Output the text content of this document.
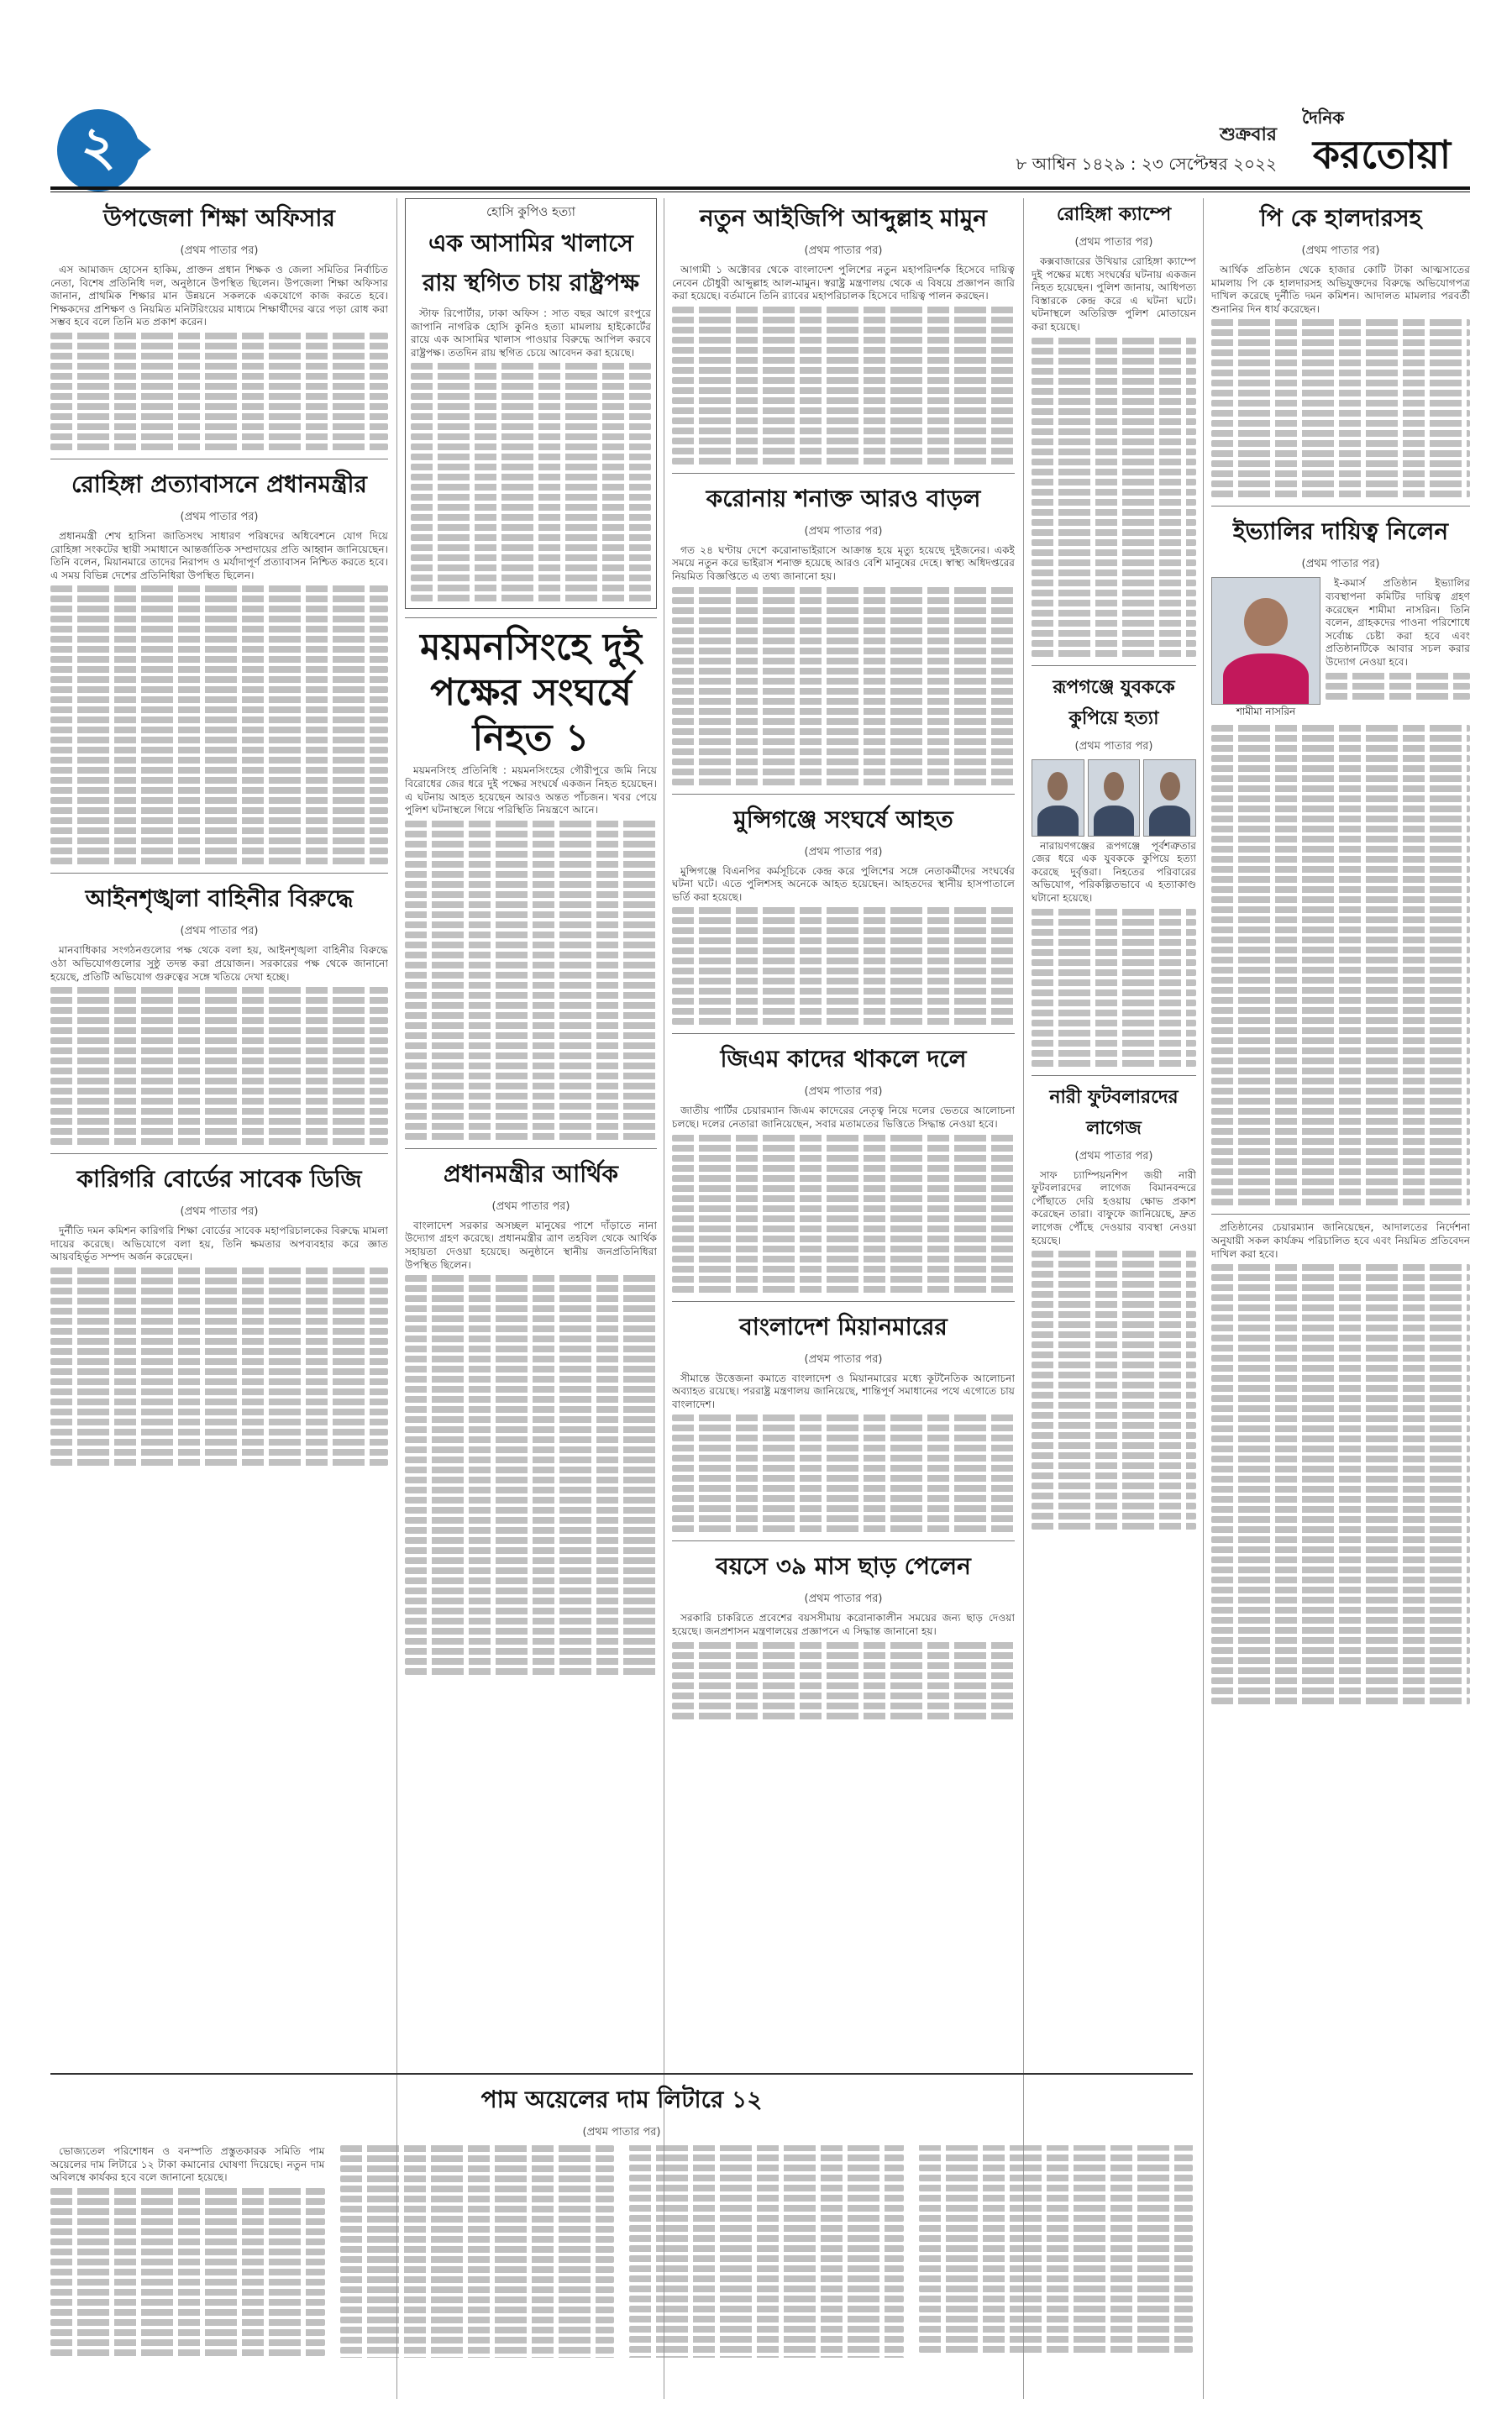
২	শুক্রবার
৮ আশ্বিন ১৪২৯ : ২৩ সেপ্টেম্বর ২০২২
দৈনিক
করতোয়া
উপজেলা শিক্ষা অফিসার
(প্রথম পাতার পর)

এস আমাজদ হোসেন হাকিম, প্রাক্তন প্রধান শিক্ষক ও জেলা সমিতির নির্বাচিত নেতা, বিশেষ প্রতিনিধি দল, অনুষ্ঠানে উপস্থিত ছিলেন। উপজেলা শিক্ষা অফিসার জানান, প্রাথমিক শিক্ষার মান উন্নয়নে সকলকে একযোগে কাজ করতে হবে। শিক্ষকদের প্রশিক্ষণ ও নিয়মিত মনিটরিংয়ের মাধ্যমে শিক্ষার্থীদের ঝরে পড়া রোধ করা সম্ভব হবে বলে তিনি মত প্রকাশ করেন।

রোহিঙ্গা প্রত্যাবাসনে প্রধানমন্ত্রীর
(প্রথম পাতার পর)

প্রধানমন্ত্রী শেখ হাসিনা জাতিসংঘ সাধারণ পরিষদের অধিবেশনে যোগ দিয়ে রোহিঙ্গা সংকটের স্থায়ী সমাধানে আন্তর্জাতিক সম্প্রদায়ের প্রতি আহ্বান জানিয়েছেন। তিনি বলেন, মিয়ানমারে তাদের নিরাপদ ও মর্যাদাপূর্ণ প্রত্যাবাসন নিশ্চিত করতে হবে। এ সময় বিভিন্ন দেশের প্রতিনিধিরা উপস্থিত ছিলেন।

আইনশৃঙ্খলা বাহিনীর বিরুদ্ধে
(প্রথম পাতার পর)

মানবাধিকার সংগঠনগুলোর পক্ষ থেকে বলা হয়, আইনশৃঙ্খলা বাহিনীর বিরুদ্ধে ওঠা অভিযোগগুলোর সুষ্ঠু তদন্ত করা প্রয়োজন। সরকারের পক্ষ থেকে জানানো হয়েছে, প্রতিটি অভিযোগ গুরুত্বের সঙ্গে খতিয়ে দেখা হচ্ছে।

কারিগরি বোর্ডের সাবেক ডিজি
(প্রথম পাতার পর)

দুর্নীতি দমন কমিশন কারিগরি শিক্ষা বোর্ডের সাবেক মহাপরিচালকের বিরুদ্ধে মামলা দায়ের করেছে। অভিযোগে বলা হয়, তিনি ক্ষমতার অপব্যবহার করে জ্ঞাত আয়বহির্ভূত সম্পদ অর্জন করেছেন।

হোসি কুপিও হত্যা
এক আসামির খালাসে রায় স্থগিত চায় রাষ্ট্রপক্ষ

স্টাফ রিপোর্টার, ঢাকা অফিস : সাত বছর আগে রংপুরে জাপানি নাগরিক হোসি কুনিও হত্যা মামলায় হাইকোর্টের রায়ে এক আসামির খালাস পাওয়ার বিরুদ্ধে আপিল করবে রাষ্ট্রপক্ষ। ততদিন রায় স্থগিত চেয়ে আবেদন করা হয়েছে।

ময়মনসিংহে দুই পক্ষের সংঘর্ষে নিহত ১

ময়মনসিংহ প্রতিনিধি : ময়মনসিংহের গৌরীপুরে জমি নিয়ে বিরোধের জের ধরে দুই পক্ষের সংঘর্ষে একজন নিহত হয়েছেন। এ ঘটনায় আহত হয়েছেন আরও অন্তত পাঁচজন। খবর পেয়ে পুলিশ ঘটনাস্থলে গিয়ে পরিস্থিতি নিয়ন্ত্রণে আনে।

প্রধানমন্ত্রীর আর্থিক
(প্রথম পাতার পর)

বাংলাদেশ সরকার অসচ্ছল মানুষের পাশে দাঁড়াতে নানা উদ্যোগ গ্রহণ করেছে। প্রধানমন্ত্রীর ত্রাণ তহবিল থেকে আর্থিক সহায়তা দেওয়া হয়েছে। অনুষ্ঠানে স্থানীয় জনপ্রতিনিধিরা উপস্থিত ছিলেন।

নতুন আইজিপি আব্দুল্লাহ মামুন
(প্রথম পাতার পর)

আগামী ১ অক্টোবর থেকে বাংলাদেশ পুলিশের নতুন মহাপরিদর্শক হিসেবে দায়িত্ব নেবেন চৌধুরী আব্দুল্লাহ আল-মামুন। স্বরাষ্ট্র মন্ত্রণালয় থেকে এ বিষয়ে প্রজ্ঞাপন জারি করা হয়েছে। বর্তমানে তিনি র‌্যাবের মহাপরিচালক হিসেবে দায়িত্ব পালন করছেন।

করোনায় শনাক্ত আরও বাড়ল
(প্রথম পাতার পর)

গত ২৪ ঘণ্টায় দেশে করোনাভাইরাসে আক্রান্ত হয়ে মৃত্যু হয়েছে দুইজনের। একই সময়ে নতুন করে ভাইরাস শনাক্ত হয়েছে আরও বেশি মানুষের দেহে। স্বাস্থ্য অধিদপ্তরের নিয়মিত বিজ্ঞপ্তিতে এ তথ্য জানানো হয়।

মুন্সিগঞ্জে সংঘর্ষে আহত
(প্রথম পাতার পর)

মুন্সিগঞ্জে বিএনপির কর্মসূচিকে কেন্দ্র করে পুলিশের সঙ্গে নেতাকর্মীদের সংঘর্ষের ঘটনা ঘটে। এতে পুলিশসহ অনেকে আহত হয়েছেন। আহতদের স্থানীয় হাসপাতালে ভর্তি করা হয়েছে।

জিএম কাদের থাকলে দলে
(প্রথম পাতার পর)

জাতীয় পার্টির চেয়ারম্যান জিএম কাদেরের নেতৃত্ব নিয়ে দলের ভেতরে আলোচনা চলছে। দলের নেতারা জানিয়েছেন, সবার মতামতের ভিত্তিতে সিদ্ধান্ত নেওয়া হবে।

বাংলাদেশ মিয়ানমারের
(প্রথম পাতার পর)

সীমান্তে উত্তেজনা কমাতে বাংলাদেশ ও মিয়ানমারের মধ্যে কূটনৈতিক আলোচনা অব্যাহত রয়েছে। পররাষ্ট্র মন্ত্রণালয় জানিয়েছে, শান্তিপূর্ণ সমাধানের পথে এগোতে চায় বাংলাদেশ।

বয়সে ৩৯ মাস ছাড় পেলেন
(প্রথম পাতার পর)

সরকারি চাকরিতে প্রবেশের বয়সসীমায় করোনাকালীন সময়ের জন্য ছাড় দেওয়া হয়েছে। জনপ্রশাসন মন্ত্রণালয়ের প্রজ্ঞাপনে এ সিদ্ধান্ত জানানো হয়।

রোহিঙ্গা ক্যাম্পে
(প্রথম পাতার পর)

কক্সবাজারের উখিয়ার রোহিঙ্গা ক্যাম্পে দুই পক্ষের মধ্যে সংঘর্ষের ঘটনায় একজন নিহত হয়েছেন। পুলিশ জানায়, আধিপত্য বিস্তারকে কেন্দ্র করে এ ঘটনা ঘটে। ঘটনাস্থলে অতিরিক্ত পুলিশ মোতায়েন করা হয়েছে।

রূপগঞ্জে যুবককে কুপিয়ে হত্যা
(প্রথম পাতার পর)

নারায়ণগঞ্জের রূপগঞ্জে পূর্বশত্রুতার জের ধরে এক যুবককে কুপিয়ে হত্যা করেছে দুর্বৃত্তরা। নিহতের পরিবারের অভিযোগ, পরিকল্পিতভাবে এ হত্যাকাণ্ড ঘটানো হয়েছে।

নারী ফুটবলারদের লাগেজ
(প্রথম পাতার পর)

সাফ চ্যাম্পিয়নশিপ জয়ী নারী ফুটবলারদের লাগেজ বিমানবন্দরে পৌঁছাতে দেরি হওয়ায় ক্ষোভ প্রকাশ করেছেন তারা। বাফুফে জানিয়েছে, দ্রুত লাগেজ পৌঁছে দেওয়ার ব্যবস্থা নেওয়া হয়েছে।

পি কে হালদারসহ
(প্রথম পাতার পর)

আর্থিক প্রতিষ্ঠান থেকে হাজার কোটি টাকা আত্মসাতের মামলায় পি কে হালদারসহ অভিযুক্তদের বিরুদ্ধে অভিযোগপত্র দাখিল করেছে দুর্নীতি দমন কমিশন। আদালত মামলার পরবর্তী শুনানির দিন ধার্য করেছেন।

ইভ্যালির দায়িত্ব নিলেন
(প্রথম পাতার পর)
শামীমা নাসরিন

ই-কমার্স প্রতিষ্ঠান ইভ্যালির ব্যবস্থাপনা কমিটির দায়িত্ব গ্রহণ করেছেন শামীমা নাসরিন। তিনি বলেন, গ্রাহকদের পাওনা পরিশোধে সর্বোচ্চ চেষ্টা করা হবে এবং প্রতিষ্ঠানটিকে আবার সচল করার উদ্যোগ নেওয়া হবে।

প্রতিষ্ঠানের চেয়ারম্যান জানিয়েছেন, আদালতের নির্দেশনা অনুযায়ী সকল কার্যক্রম পরিচালিত হবে এবং নিয়মিত প্রতিবেদন দাখিল করা হবে।

পাম অয়েলের দাম লিটারে ১২
(প্রথম পাতার পর)

ভোজ্যতেল পরিশোধন ও বনস্পতি প্রস্তুতকারক সমিতি পাম অয়েলের দাম লিটারে ১২ টাকা কমানোর ঘোষণা দিয়েছে। নতুন দাম অবিলম্বে কার্যকর হবে বলে জানানো হয়েছে।
